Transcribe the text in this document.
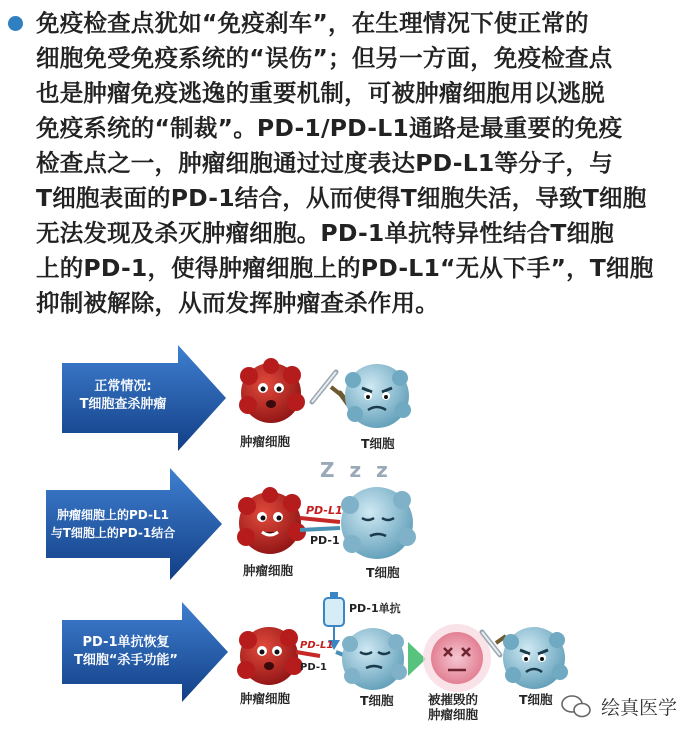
免疫检查点犹如“免疫刹车”，在生理情况下使正常的
细胞免受免疫系统的“误伤”；但另一方面，免疫检查点
也是肿瘤免疫逃逸的重要机制，可被肿瘤细胞用以逃脱
免疫系统的“制裁”。PD-1/PD-L1通路是最重要的免疫
检查点之一，肿瘤细胞通过过度表达PD-L1等分子，与
T细胞表面的PD-1结合，从而使得T细胞失活，导致T细胞
无法发现及杀灭肿瘤细胞。PD-1单抗特异性结合T细胞
上的PD-1，使得肿瘤细胞上的PD-L1“无从下手”，T细胞
抑制被解除，从而发挥肿瘤查杀作用。
正常情况:
T细胞查杀肿瘤
肿瘤细胞上的PD-L1
与T细胞上的PD-1结合
PD-1单抗恢复
T细胞“杀手功能”
肿瘤细胞	T细胞
Z z z
PD-L1
PD-1
肿瘤细胞	T细胞
PD-1单抗
PD-L1
PD-1
肿瘤细胞	T细胞	被摧毁的
肿瘤细胞
T细胞	绘真医学
